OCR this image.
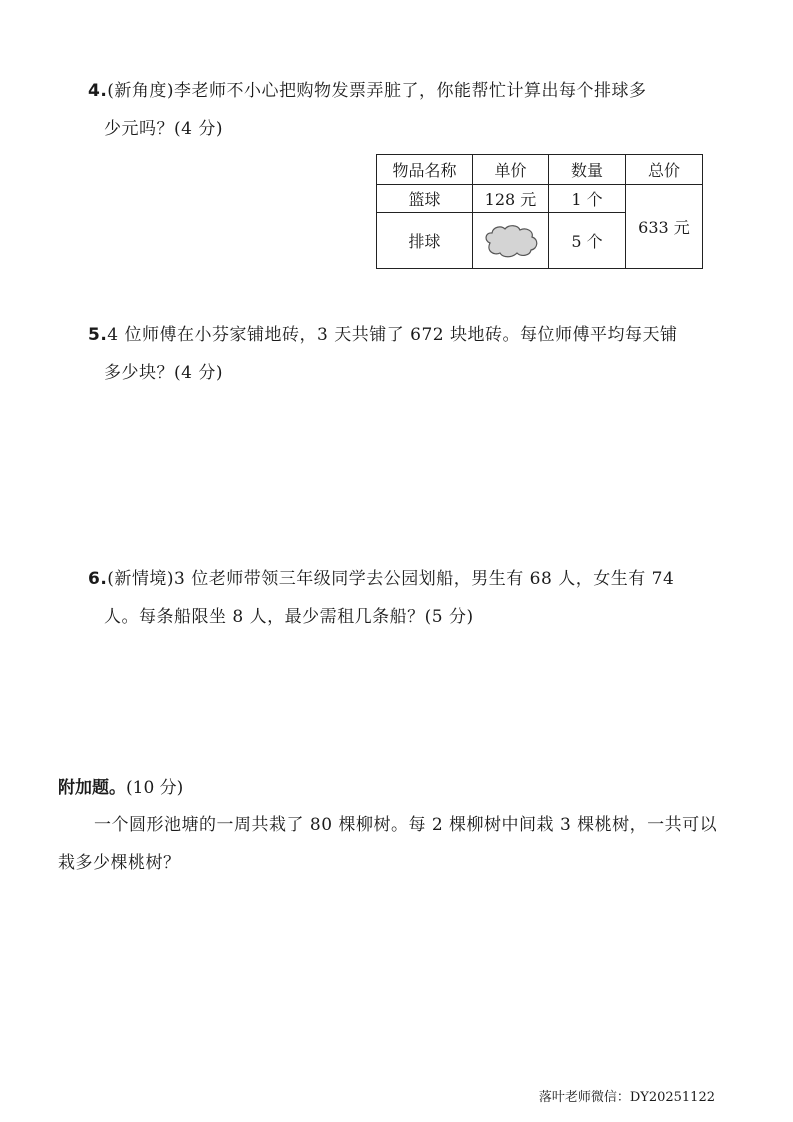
4.(新角度)李老师不小心把购物发票弄脏了，你能帮忙计算出每个排球多
少元吗？(4 分)
物品名称	单价	数量	总价
篮球	128 元	1 个	633 元
排球		5 个	
5.4 位师傅在小芬家铺地砖，3 天共铺了 672 块地砖。每位师傅平均每天铺
多少块？(4 分)
6.(新情境)3 位老师带领三年级同学去公园划船，男生有 68 人，女生有 74
人。每条船限坐 8 人，最少需租几条船？(5 分)
附加题。(10 分)
一个圆形池塘的一周共栽了 80 棵柳树。每 2 棵柳树中间栽 3 棵桃树，一共可以栽多少棵桃树？
落叶老师微信：DY20251122
